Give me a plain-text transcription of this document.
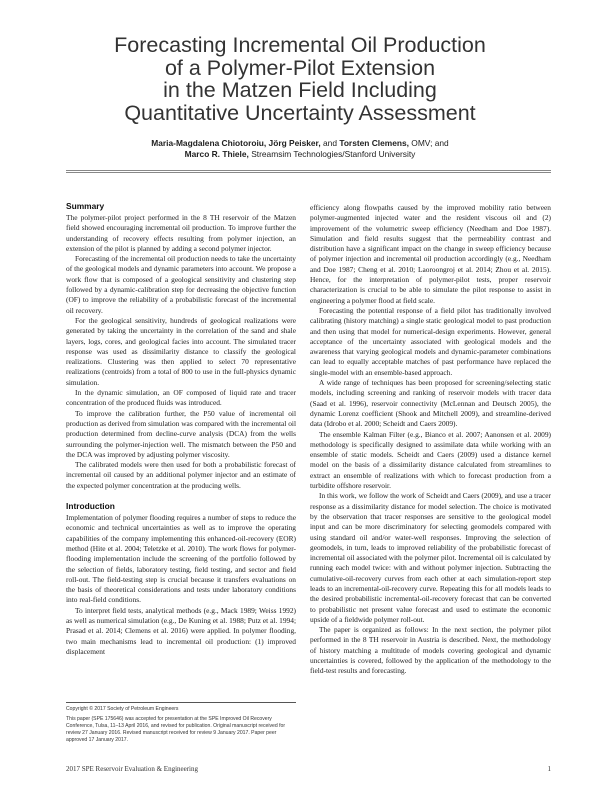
Forecasting Incremental Oil Production
of a Polymer-Pilot Extension
in the Matzen Field Including
Quantitative Uncertainty Assessment
Maria-Magdalena Chiotoroiu, Jörg Peisker, and Torsten Clemens, OMV; and
Marco R. Thiele, Streamsim Technologies/Stanford University
Summary

The polymer-pilot project performed in the 8 TH reservoir of the Matzen field showed encouraging incremental oil production. To improve further the understanding of recovery effects resulting from polymer injection, an extension of the pilot is planned by adding a second polymer injector.

Forecasting of the incremental oil production needs to take the uncertainty of the geological models and dynamic parameters into account. We propose a work flow that is composed of a geological sensitivity and clustering step followed by a dynamic-calibration step for decreasing the objective function (OF) to improve the reliability of a probabilistic forecast of the incremental oil recovery.

For the geological sensitivity, hundreds of geological realizations were generated by taking the uncertainty in the correlation of the sand and shale layers, logs, cores, and geological facies into account. The simulated tracer response was used as dissimilarity distance to classify the geological realizations. Clustering was then applied to select 70 representative realizations (centroids) from a total of 800 to use in the full-physics dynamic simulation.

In the dynamic simulation, an OF composed of liquid rate and tracer concentration of the produced fluids was introduced.

To improve the calibration further, the P50 value of incremental oil production as derived from simulation was compared with the incremental oil production determined from decline-curve analysis (DCA) from the wells surrounding the polymer-injection well. The mismatch between the P50 and the DCA was improved by adjusting polymer viscosity.

The calibrated models were then used for both a probabilistic forecast of incremental oil caused by an additional polymer injector and an estimate of the expected polymer concentration at the producing wells.

Introduction

Implementation of polymer flooding requires a number of steps to reduce the economic and technical uncertainties as well as to improve the operating capabilities of the company implementing this enhanced-oil-recovery (EOR) method (Hite et al. 2004; Teletzke et al. 2010). The work flows for polymer-flooding implementation include the screening of the portfolio followed by the selection of fields, laboratory testing, field testing, and sector and field roll-out. The field-testing step is crucial because it transfers evaluations on the basis of theoretical considerations and tests under laboratory conditions into real-field conditions.

To interpret field tests, analytical methods (e.g., Mack 1989; Weiss 1992) as well as numerical simulation (e.g., De Kuning et al. 1988; Putz et al. 1994; Prasad et al. 2014; Clemens et al. 2016) were applied. In polymer flooding, two main mechanisms lead to incremental oil production: (1) improved displacement

Copyright © 2017 Society of Petroleum Engineers

This paper (SPE 175646) was accepted for presentation at the SPE Improved Oil Recovery Conference, Tulsa, 11–13 April 2016, and revised for publication. Original manuscript received for review 27 January 2016. Revised manuscript received for review 9 January 2017. Paper peer approved 17 January 2017.

efficiency along flowpaths caused by the improved mobility ratio between polymer-augmented injected water and the resident viscous oil and (2) improvement of the volumetric sweep efficiency (Needham and Doe 1987). Simulation and field results suggest that the permeability contrast and distribution have a significant impact on the change in sweep efficiency because of polymer injection and incremental oil production accordingly (e.g., Needham and Doe 1987; Cheng et al. 2010; Laoroongroj et al. 2014; Zhou et al. 2015). Hence, for the interpretation of polymer-pilot tests, proper reservoir characterization is crucial to be able to simulate the pilot response to assist in engineering a polymer flood at field scale.

Forecasting the potential response of a field pilot has traditionally involved calibrating (history matching) a single static geological model to past production and then using that model for numerical-design experiments. However, general acceptance of the uncertainty associated with geological models and the awareness that varying geological models and dynamic-parameter combinations can lead to equally acceptable matches of past performance have replaced the single-model with an ensemble-based approach.

A wide range of techniques has been proposed for screening/selecting static models, including screening and ranking of reservoir models with tracer data (Saad et al. 1996), reservoir connectivity (McLennan and Deutsch 2005), the dynamic Lorenz coefficient (Shook and Mitchell 2009), and streamline-derived data (Idrobo et al. 2000; Scheidt and Caers 2009).

The ensemble Kalman Filter (e.g., Bianco et al. 2007; Aanonsen et al. 2009) methodology is specifically designed to assimilate data while working with an ensemble of static models. Scheidt and Caers (2009) used a distance kernel model on the basis of a dissimilarity distance calculated from streamlines to extract an ensemble of realizations with which to forecast production from a turbidite offshore reservoir.

In this work, we follow the work of Scheidt and Caers (2009), and use a tracer response as a dissimilarity distance for model selection. The choice is motivated by the observation that tracer responses are sensitive to the geological model input and can be more discriminatory for selecting geomodels compared with using standard oil and/or water-well responses. Improving the selection of geomodels, in turn, leads to improved reliability of the probabilistic forecast of incremental oil associated with the polymer pilot. Incremental oil is calculated by running each model twice: with and without polymer injection. Subtracting the cumulative-oil-recovery curves from each other at each simulation-report step leads to an incremental-oil-recovery curve. Repeating this for all models leads to the desired probabilistic incremental-oil-recovery forecast that can be converted to probabilistic net present value forecast and used to estimate the economic upside of a fieldwide polymer roll-out.

The paper is organized as follows: In the next section, the polymer pilot performed in the 8 TH reservoir in Austria is described. Next, the methodology of history matching a multitude of models covering geological and dynamic uncertainties is covered, followed by the application of the methodology to the field-test results and forecasting.

2017 SPE Reservoir Evaluation & Engineering	1
